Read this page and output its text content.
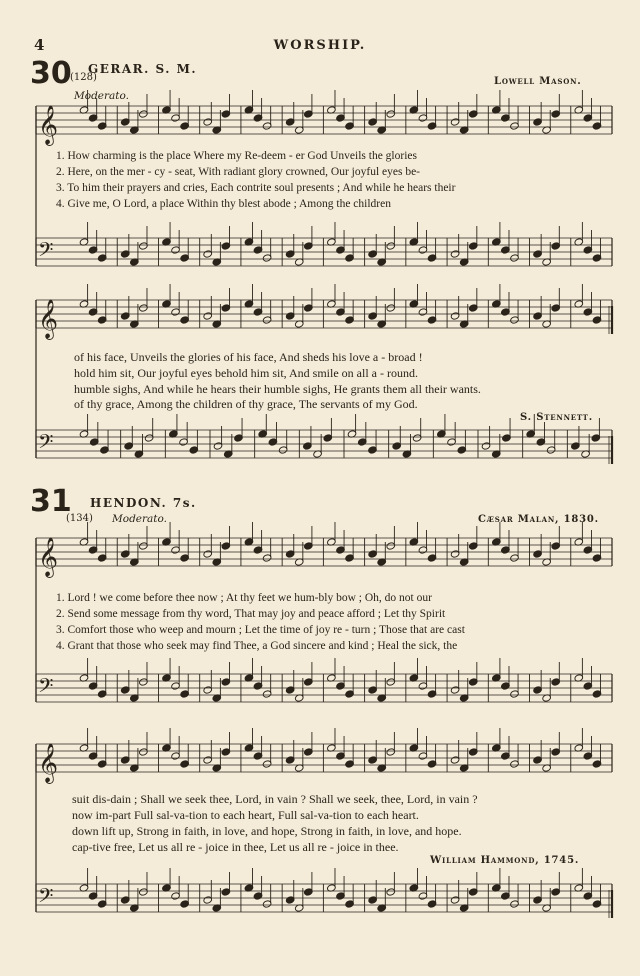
𝄞
𝄢
𝄞
𝄢
𝄞
𝄢
𝄞
𝄢
4	WORSHIP.
30
(128)
GERAR. S. M.
Lowell Mason.
Moderato.
1. How charming is the place Where my Re-deem - er God Unveils the glories
2. Here, on the mer - cy - seat, With radiant glory crowned, Our joyful eyes be-
3. To him their prayers and cries, Each contrite soul presents ; And while he hears their
4. Give me, O Lord, a place Within thy blest abode ; Among the children
of his face, Unveils the glories of his face, And sheds his love a - broad !
hold him sit, Our joyful eyes behold him sit, And smile on all a - round.
humble sighs, And while he hears their humble sighs, He grants them all their wants.
of thy grace, Among the children of thy grace, The servants of my God.
S. Stennett.
31 HENDON. 7s.
(134) Moderato.	Cæsar Malan, 1830.
1. Lord ! we come before thee now ; At thy feet we hum-bly bow ; Oh, do not our
2. Send some message from thy word, That may joy and peace afford ; Let thy Spirit
3. Comfort those who weep and mourn ; Let the time of joy re - turn ; Those that are cast
4. Grant that those who seek may find Thee, a God sincere and kind ; Heal the sick, the
suit dis-dain ; Shall we seek thee, Lord, in vain ? Shall we seek, thee, Lord, in vain ?
now im-part Full sal-va-tion to each heart, Full sal-va-tion to each heart.
down lift up, Strong in faith, in love, and hope, Strong in faith, in love, and hope.
cap-tive free, Let us all re - joice in thee, Let us all re - joice in thee.
William Hammond, 1745.
